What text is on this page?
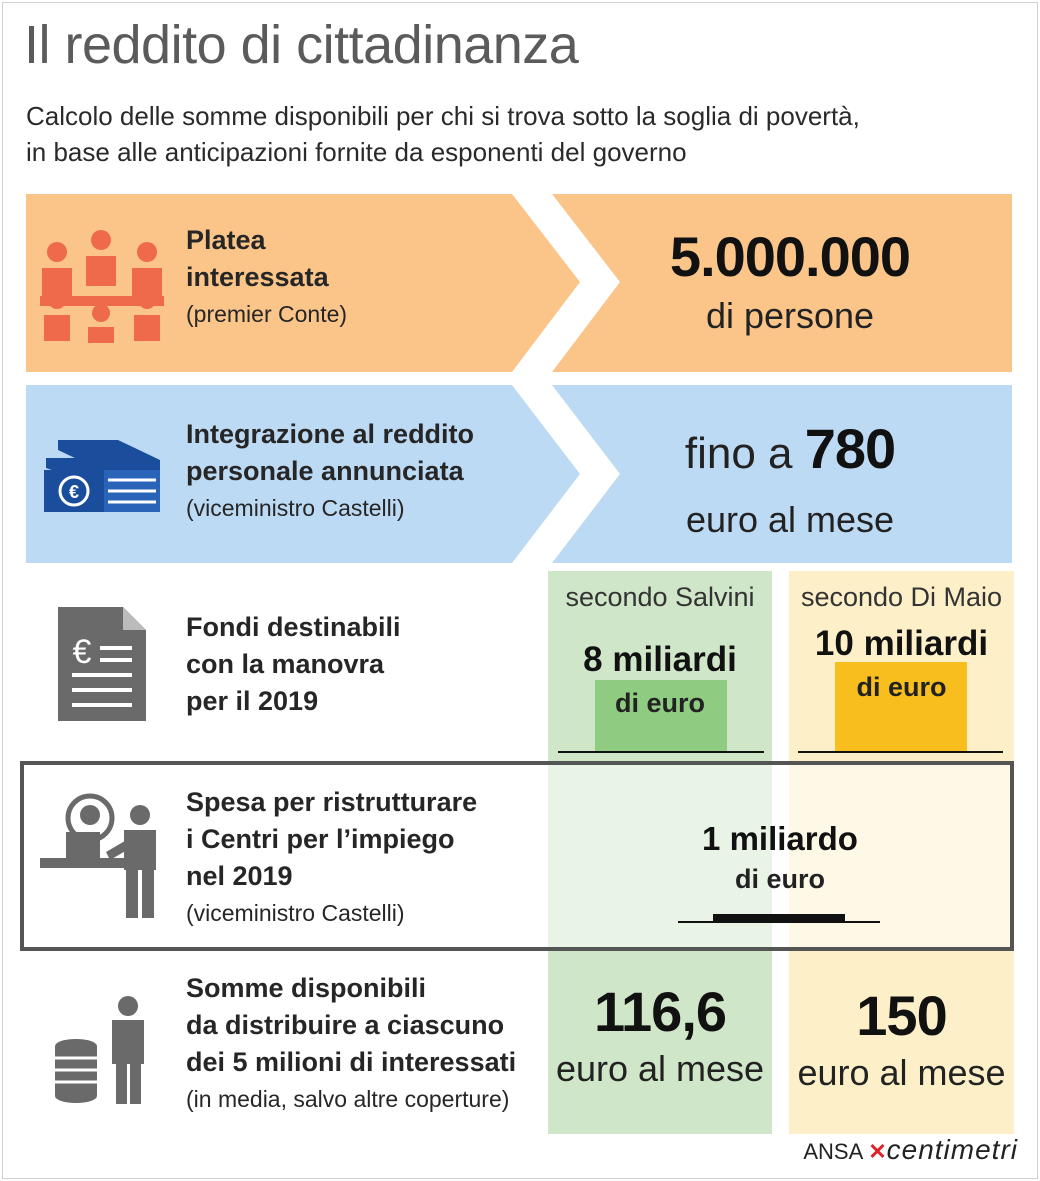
Il reddito di cittadinanza
Calcolo delle somme disponibili per chi si trova sotto la soglia di povertà,
in base alle anticipazioni fornite da esponenti del governo
€
€
Platea
interessata
(premier Conte)
5.000.000
di persone
Integrazione al reddito
personale annunciata
(viceministro Castelli)
fino a 780
euro al mese
Fondi destinabili
con la manovra
per il 2019
secondo Salvini	secondo Di Maio
8 miliardi
di euro
10 miliardi
di euro
Spesa per ristrutturare
i Centri per l’impiego
nel 2019
(viceministro Castelli)
1 miliardo
di euro
Somme disponibili
da distribuire a ciascuno
dei 5 milioni di interessati
(in media, salvo altre coperture)
116,6
euro al mese
150
euro al mese
ANSA ✕centimetri
